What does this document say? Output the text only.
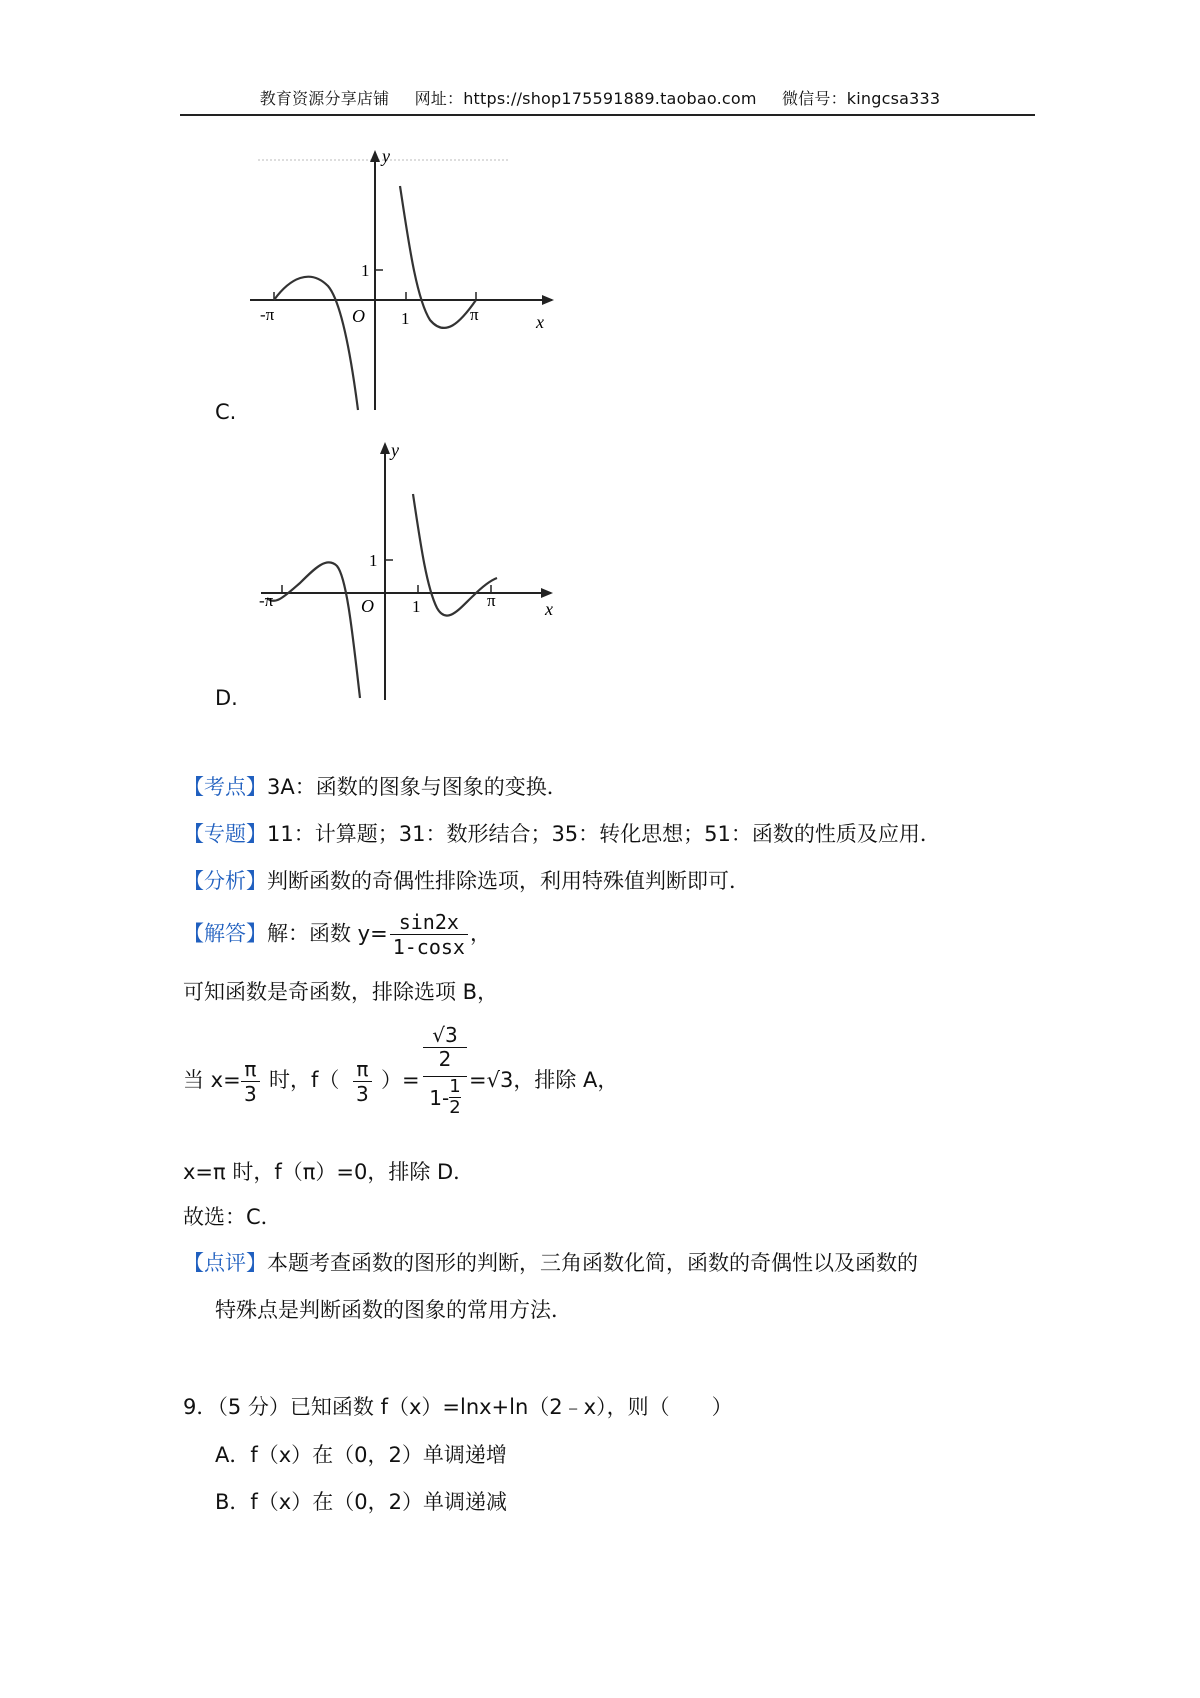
教育资源分享店铺 网址：https://shop175591889.taobao.com 微信号：kingcsa333
y
x
O
1
1
-π	π
C.
y
x
O
1
1
-π	π
D.
【考点】3A：函数的图象与图象的变换．
【专题】11：计算题；31：数形结合；35：转化思想；51：函数的性质及应用．
【分析】判断函数的奇偶性排除选项，利用特殊值判断即可．
【解答】解：函数 $y= \frac{\sin 2x}{1-\cos x}$ ，
可知函数是奇函数，排除选项 B，
当 $x= \frac{\pi}{3}$ 时，$f( \frac{\pi}{3}$ ）=
√3
2
$1- \frac{1}{2} =√3$，排除 A，
x=π 时，f（π）=0，排除 D．
故选：C．
【点评】本题考查函数的图形的判断，三角函数化简，函数的奇偶性以及函数的
特殊点是判断函数的图象的常用方法．
9．（5 分）已知函数 f（x）=lnx+ln（2﹣x），则（　　）
A．f（x）在（0，2）单调递增
B．f（x）在（0，2）单调递减
